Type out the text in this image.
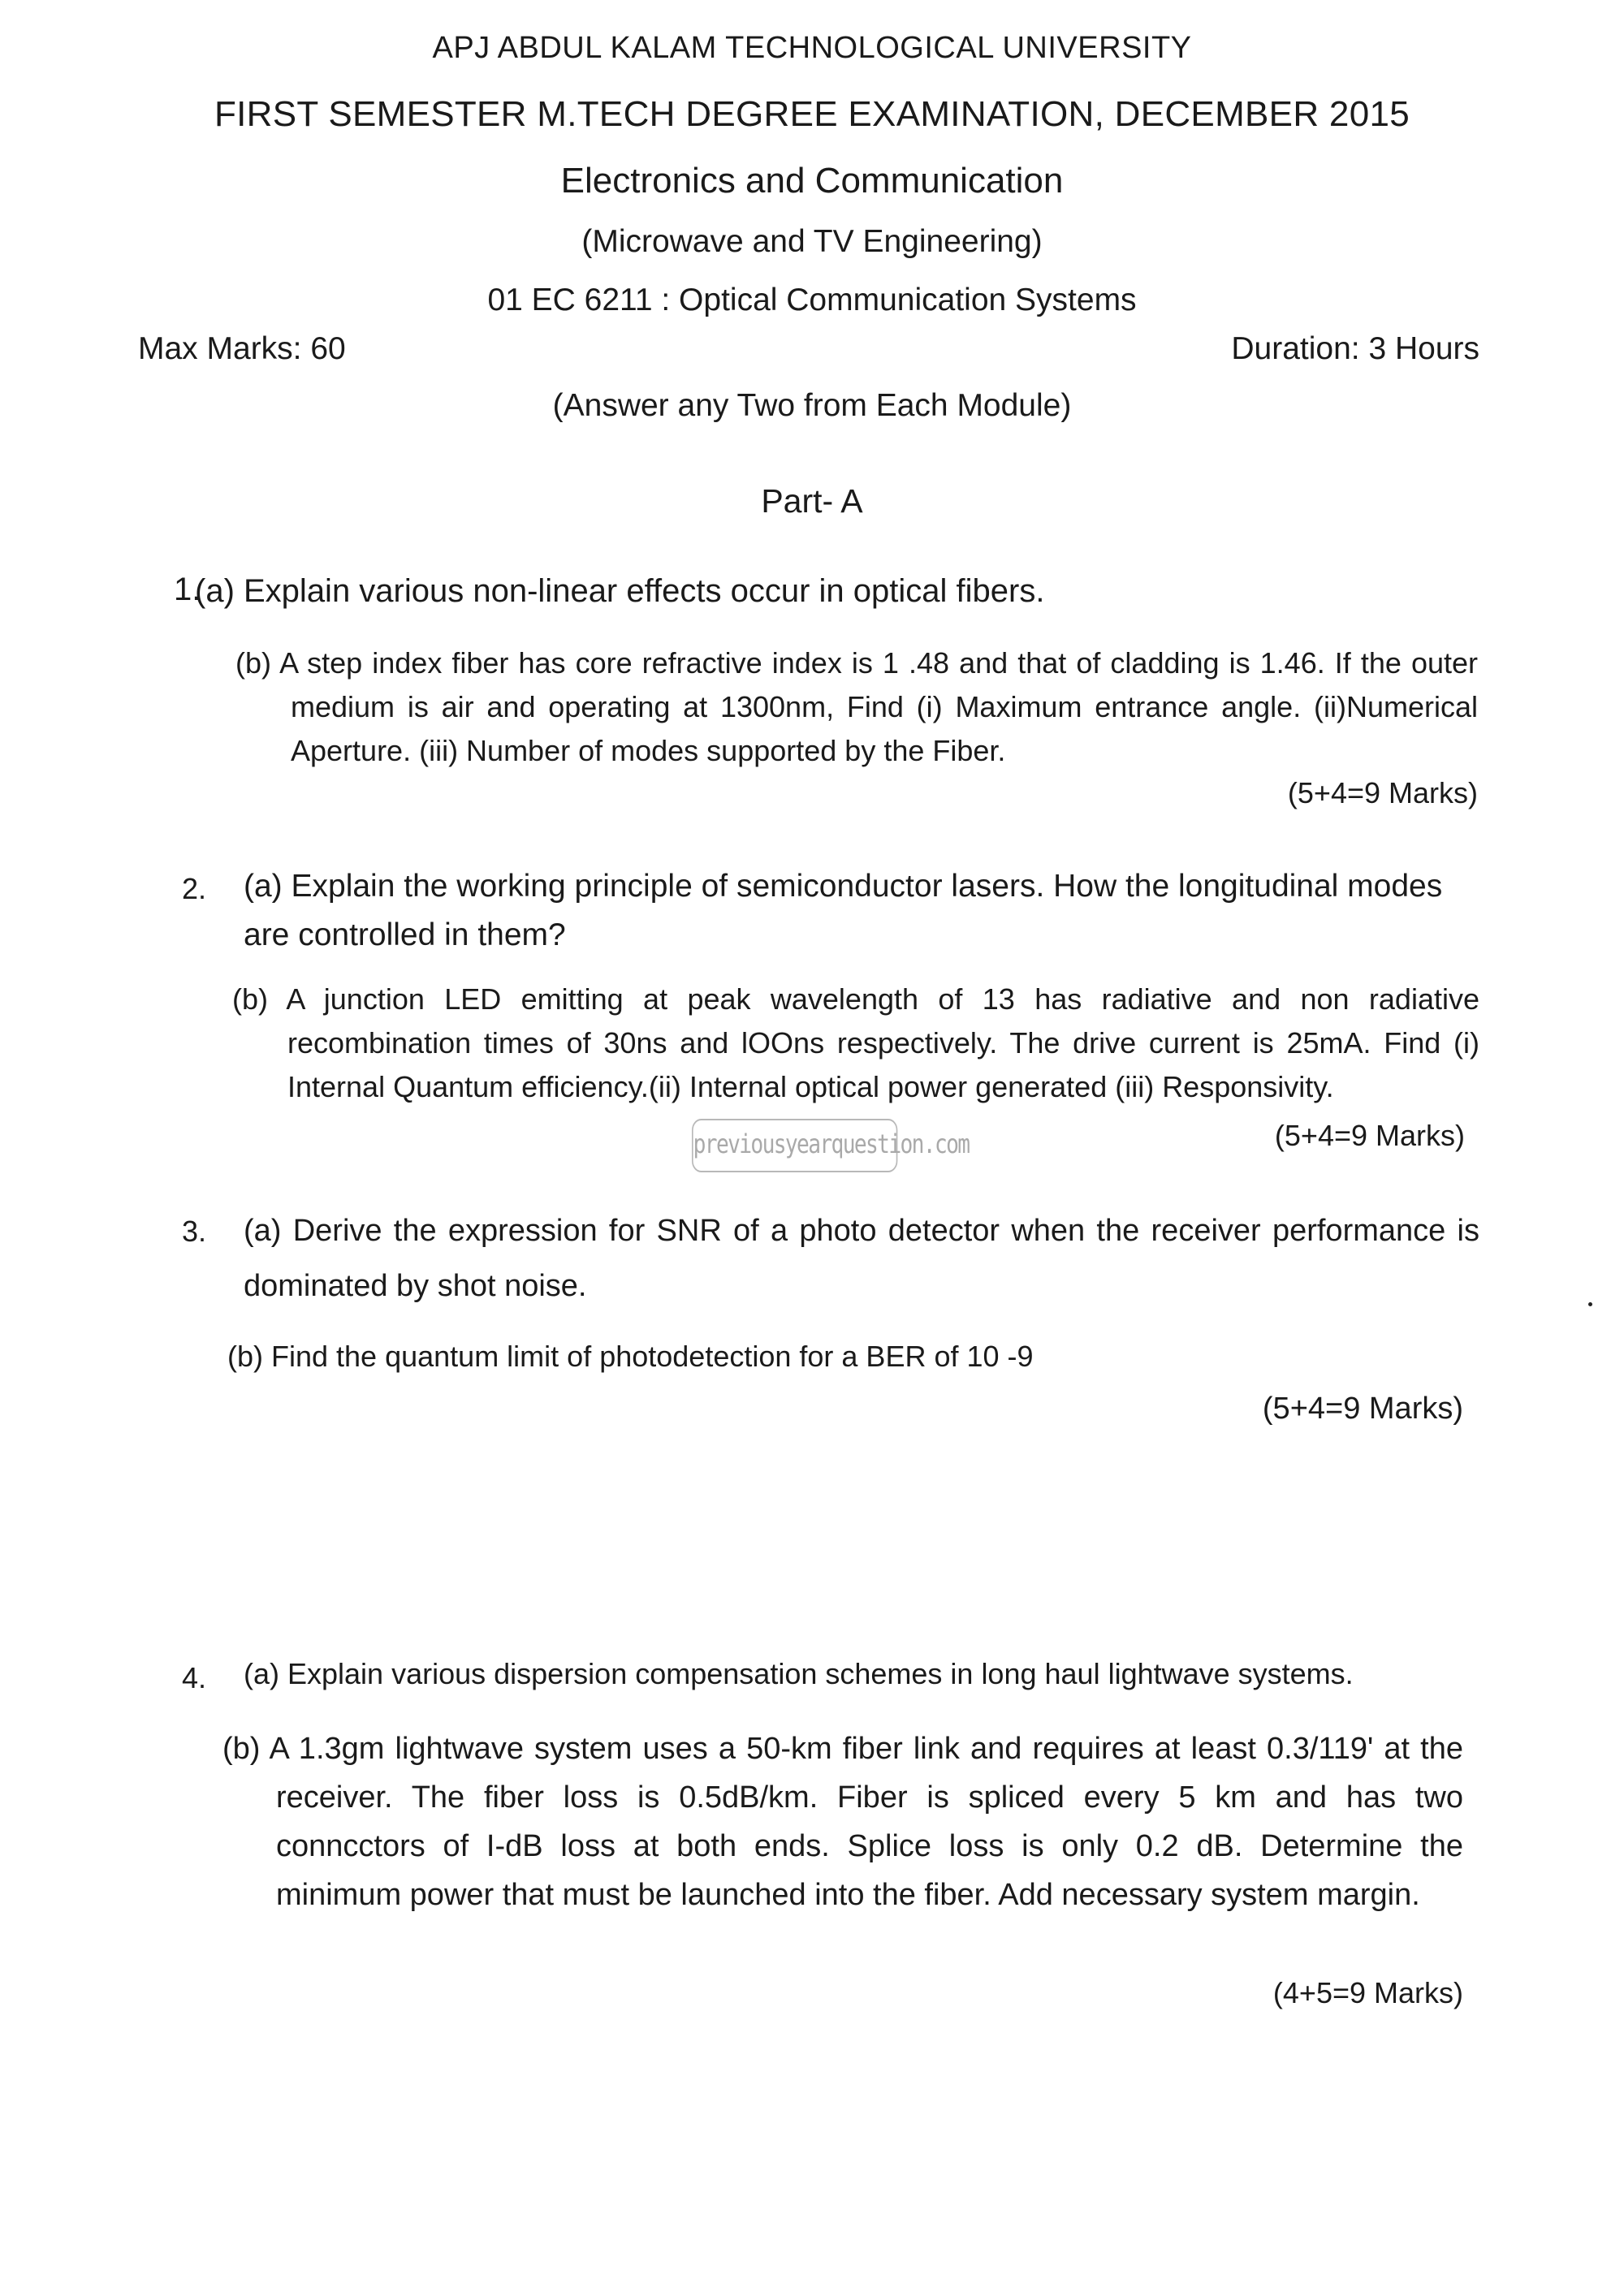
APJ ABDUL KALAM TECHNOLOGICAL UNIVERSITY
FIRST SEMESTER M.TECH DEGREE EXAMINATION, DECEMBER 2015
Electronics and Communication
(Microwave and TV Engineering)
01 EC 6211 : Optical Communication Systems
Max Marks: 60	Duration: 3 Hours
(Answer any Two from Each Module)
Part- A
1.
(a) Explain various non-linear effects occur in optical fibers.
(b) A step index fiber has core refractive index is 1 .48 and that of cladding is 1.46. If the outer medium is air and operating at 1300nm, Find (i) Maximum entrance angle. (ii)Numerical Aperture. (iii) Number of modes supported by the Fiber.
(5+4=9 Marks)
2. (a) Explain the working principle of semiconductor lasers. How the longitudinal modes are controlled in them?
(b) A junction LED emitting at peak wavelength of 13 has radiative and non radiative recombination times of 30ns and lOOns respectively. The drive current is 25mA. Find (i) Internal Quantum efficiency.(ii) Internal optical power generated (iii) Responsivity.
(5+4=9 Marks)
previousyearquestion.com
3. (a) Derive the expression for SNR of a photo detector when the receiver performance is dominated by shot noise.
(b) Find the quantum limit of photodetection for a BER of 10 -9
(5+4=9 Marks)
4. (a) Explain various dispersion compensation schemes in long haul lightwave systems.
(b) A 1.3gm lightwave system uses a 50-km fiber link and requires at least 0.3/119' at the receiver. The fiber loss is 0.5dB/km. Fiber is spliced every 5 km and has two conncctors of I-dB loss at both ends. Splice loss is only 0.2 dB. Determine the minimum power that must be launched into the fiber. Add necessary system margin.
(4+5=9 Marks)
